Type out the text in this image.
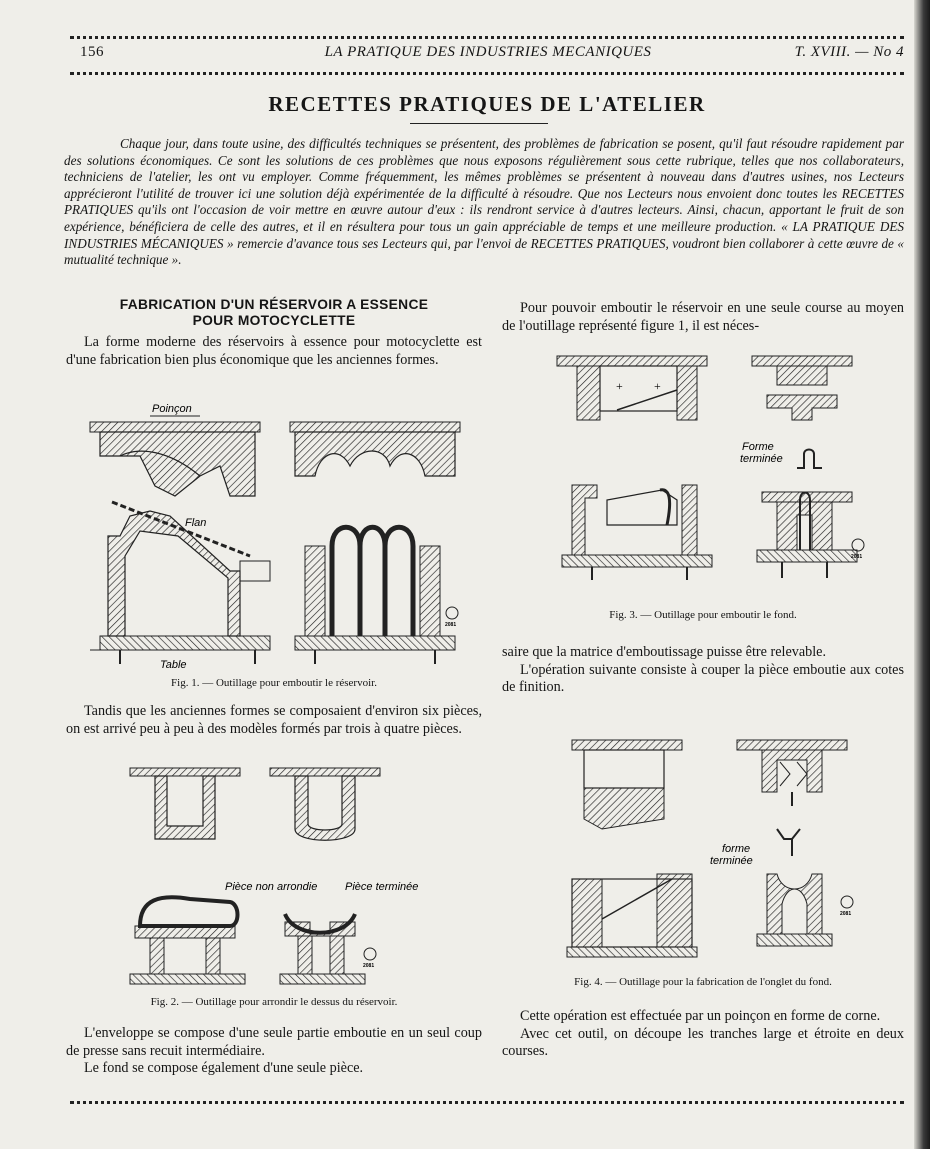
156	LA PRATIQUE DES INDUSTRIES MECANIQUES	T. XVIII. — No 4
RECETTES PRATIQUES DE L'ATELIER

Chaque jour, dans toute usine, des difficultés techniques se présentent, des problèmes de fabrication se posent, qu'il faut résoudre rapidement par des solutions économiques. Ce sont les solutions de ces problèmes que nous exposons régulièrement sous cette rubrique, telles que nos collaborateurs, techniciens de l'atelier, les ont vu employer. Comme fréquemment, les mêmes problèmes se présentent à nouveau dans d'autres usines, nos Lecteurs apprécieront l'utilité de trouver ici une solution déjà expérimentée de la difficulté à résoudre. Que nos Lecteurs nous envoient donc toutes les RECETTES PRATIQUES qu'ils ont l'occasion de voir mettre en œuvre autour d'eux : ils rendront service à d'autres lecteurs. Ainsi, chacun, apportant le fruit de son expérience, bénéficiera de celle des autres, et il en résultera pour tous un gain appréciable de temps et une meilleure production. « LA PRATIQUE DES INDUSTRIES MÉCANIQUES » remercie d'avance tous ses Lecteurs qui, par l'envoi de RECETTES PRATIQUES, voudront bien collaborer à cette œuvre de « mutualité technique ».

FABRICATION D'UN RÉSERVOIR A ESSENCE
POUR MOTOCYCLETTE

La forme moderne des réservoirs à essence pour motocyclette est d'une fabrication bien plus économique que les anciennes formes.

Poinçon
Flan
Table
2081
Fig. 1. — Outillage pour emboutir le réservoir.

Tandis que les anciennes formes se composaient d'environ six pièces, on est arrivé peu à peu à des modèles formés par trois à quatre pièces.

Pièce non arrondie	Pièce terminée
2081
Fig. 2. — Outillage pour arrondir le dessus du réservoir.

L'enveloppe se compose d'une seule partie emboutie en un seul coup de presse sans recuit intermédiaire.

Le fond se compose également d'une seule pièce.

Pour pouvoir emboutir le réservoir en une seule course au moyen de l'outillage représenté figure 1, il est néces-

+	+
Forme
terminée
2081
Fig. 3. — Outillage pour emboutir le fond.

saire que la matrice d'emboutissage puisse être relevable.

L'opération suivante consiste à couper la pièce emboutie aux cotes de finition.

forme
terminée
2081
Fig. 4. — Outillage pour la fabrication de l'onglet du fond.

Cette opération est effectuée par un poinçon en forme de corne.

Avec cet outil, on découpe les tranches large et étroite en deux courses.
